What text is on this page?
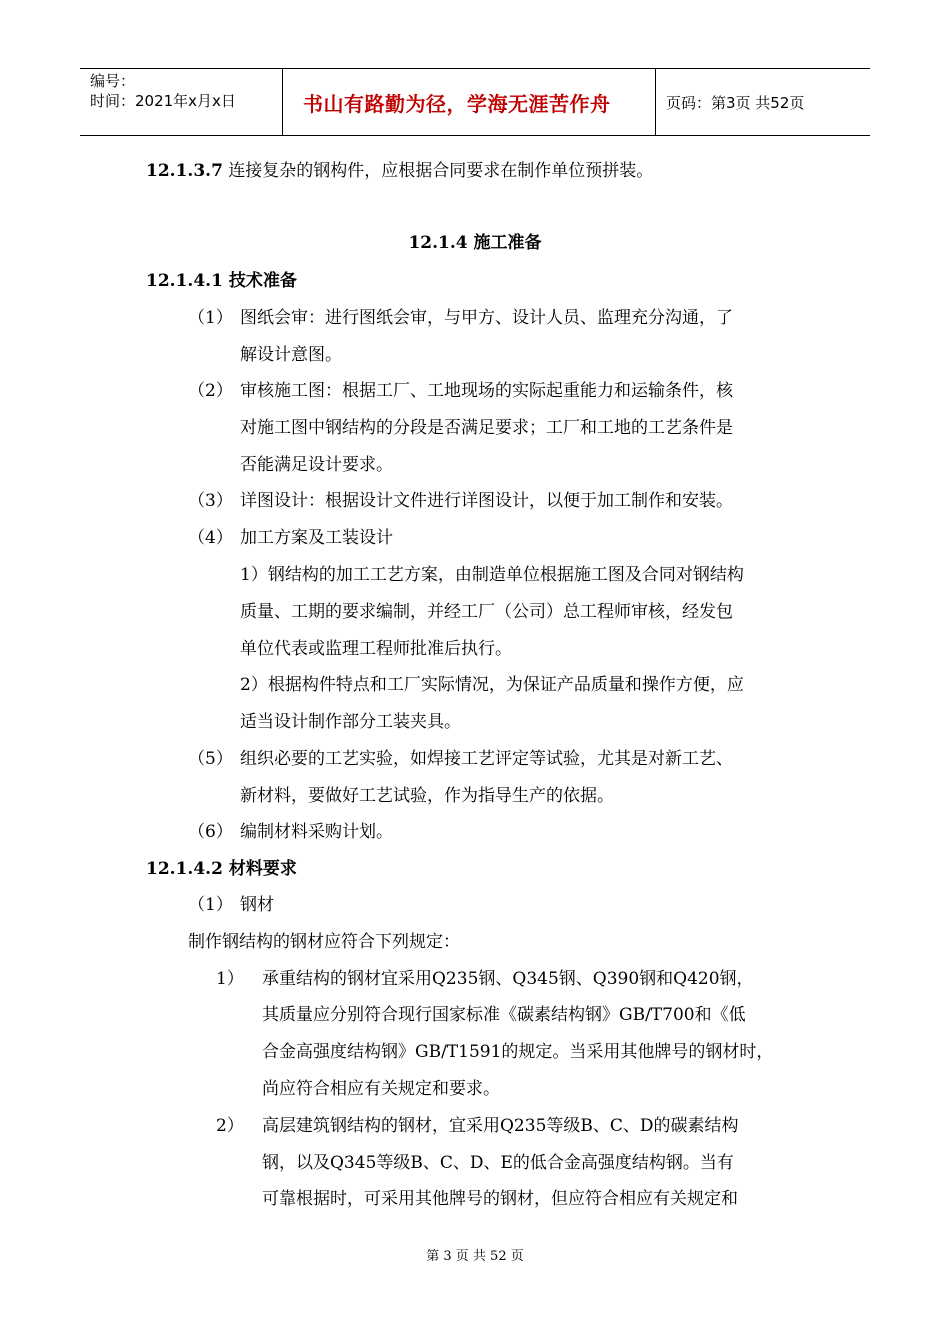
编号：
时间：2021年x月x日	书山有路勤为径，学海无涯苦作舟	页码：第3页 共52页
12.1.3.7 连接复杂的钢构件，应根据合同要求在制作单位预拼装。
12.1.4 施工准备
12.1.4.1 技术准备
（1） 图纸会审：进行图纸会审，与甲方、设计人员、监理充分沟通，了
解设计意图。
（2） 审核施工图：根据工厂、工地现场的实际起重能力和运输条件，核
对施工图中钢结构的分段是否满足要求；工厂和工地的工艺条件是
否能满足设计要求。
（3） 详图设计：根据设计文件进行详图设计，以便于加工制作和安装。
（4） 加工方案及工装设计
1）钢结构的加工工艺方案，由制造单位根据施工图及合同对钢结构
质量、工期的要求编制，并经工厂（公司）总工程师审核，经发包
单位代表或监理工程师批准后执行。
2）根据构件特点和工厂实际情况，为保证产品质量和操作方便，应
适当设计制作部分工装夹具。
（5） 组织必要的工艺实验，如焊接工艺评定等试验，尤其是对新工艺、
新材料，要做好工艺试验，作为指导生产的依据。
（6） 编制材料采购计划。
12.1.4.2 材料要求
（1） 钢材
制作钢结构的钢材应符合下列规定：
1） 承重结构的钢材宜采用Q235钢、Q345钢、Q390钢和Q420钢，
其质量应分别符合现行国家标准《碳素结构钢》GB/T700和《低
合金高强度结构钢》GB/T1591的规定。当采用其他牌号的钢材时，
尚应符合相应有关规定和要求。
2） 高层建筑钢结构的钢材，宜采用Q235等级B、C、D的碳素结构
钢，以及Q345等级B、C、D、E的低合金高强度结构钢。当有
可靠根据时，可采用其他牌号的钢材，但应符合相应有关规定和
第 3 页 共 52 页
